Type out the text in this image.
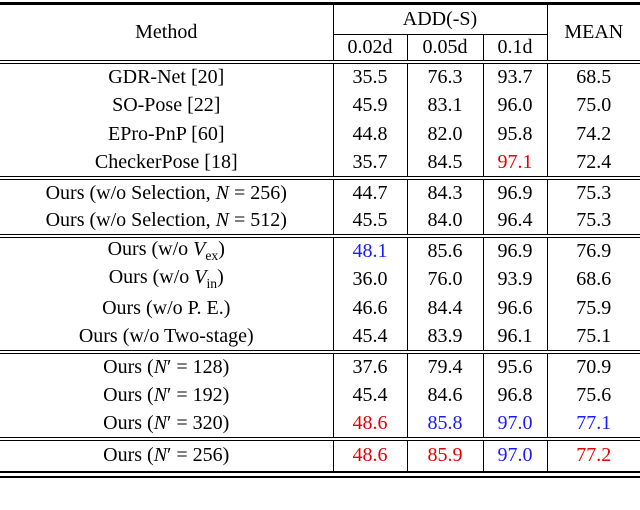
Method	ADD(-S)			MEAN
	0.02d	0.05d	0.1d	
GDR-Net [20]	35.5	76.3	93.7	68.5
SO-Pose [22]	45.9	83.1	96.0	75.0
EPro-PnP [60]	44.8	82.0	95.8	74.2
CheckerPose [18]	35.7	84.5	97.1	72.4
Ours (w/o Selection, N = 256)	44.7	84.3	96.9	75.3
Ours (w/o Selection, N = 512)	45.5	84.0	96.4	75.3
Ours (w/o $V_{ex}$)	48.1	85.6	96.9	76.9
Ours (w/o $V_{in}$)	36.0	76.0	93.9	68.6
Ours (w/o P. E.)	46.6	84.4	96.6	75.9
Ours (w/o Two-stage)	45.4	83.9	96.1	75.1
Ours (N′ = 128)	37.6	79.4	95.6	70.9
Ours (N′ = 192)	45.4	84.6	96.8	75.6
Ours (N′ = 320)	48.6	85.8	97.0	77.1
Ours (N′ = 256)	48.6	85.9	97.0	77.2
